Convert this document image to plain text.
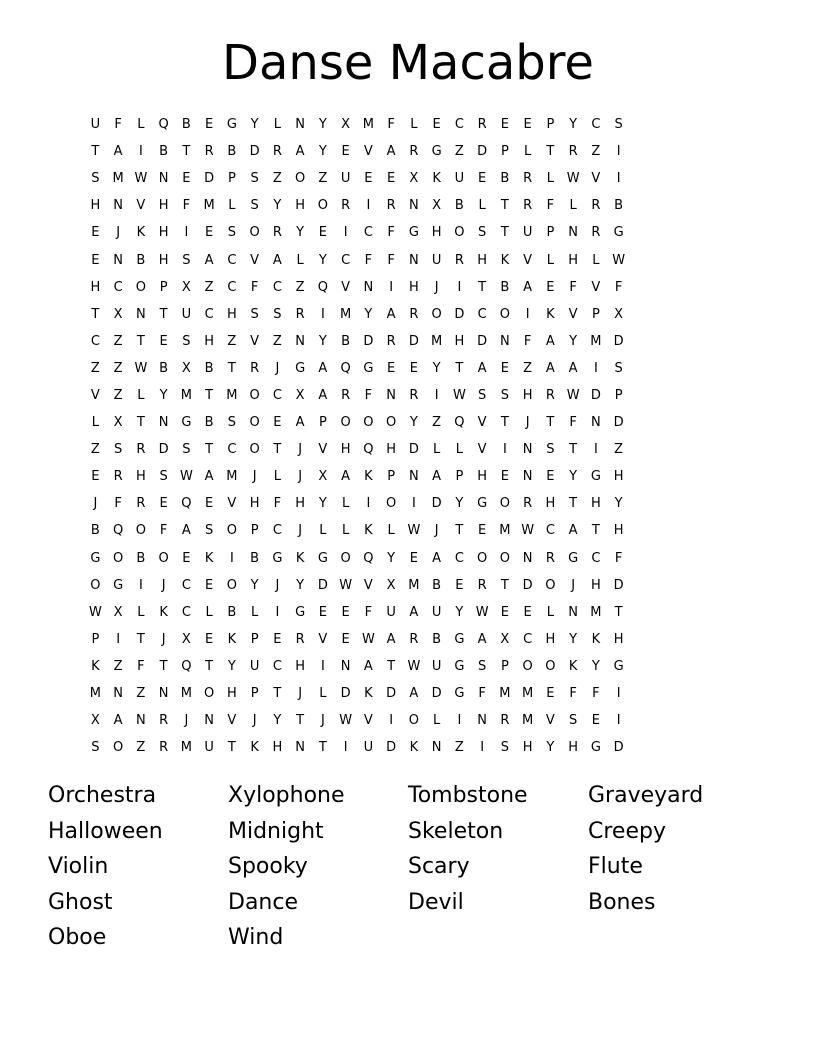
Danse Macabre
U	F	L	Q	B	E	G	Y	L	N	Y	X M	F	L	E	C	R	E	E	P	Y	C	S
T	A	I	B	T	R	B	D	R	A	Y	E	V	A	R	G	Z	D	P	L	T	R	Z	I
S	M W N	E	D	P	S	Z	O	Z	U	E	E	X	K	U	E	B	R	L W V	I
H N	V	H	F	M	L	S	Y	H O	R	I	R	N	X	B	L	T	R	F	L	R	B
E	J	K	H	I	E	S	O	R	Y	E	I	C	F	G H O	S	T	U	P	N	R	G
E	N	B	H	S	A	C	V	A	L	Y	C	F	F	N	U	R	H	K	V	L	H	L W
H	C	O	P	X	Z	C	F	C	Z	Q	V	N	I	H	J	I	T	B	A	E	F	V	F
T	X	N	T	U	C	H	S	S	R	I	M	Y	A	R	O D	C	O	I	K	V	P	X
C	Z	T	E	S	H	Z	V	Z	N	Y	B	D	R	D M H D N	F	A	Y	M D
Z	Z W B	X	B	T	R	J	G	A	Q G	E	E	Y	T	A	E	Z	A	A	I	S
V	Z	L	Y	M	T	M O	C	X	A	R	F	N	R	I	W S	S	H	R W D	P
L	X	T	N G	B	S	O	E	A	P	O O O	Y	Z	Q	V	T	J	T	F	N D
Z	S	R	D	S	T	C	O	T	J	V	H Q H D	L	L	V	I	N	S	T	I	Z
E	R	H	S W A M	J	L	J	X	A	K	P	N	A	P	H	E	N	E	Y	G H
J	F	R	E	Q	E	V	H	F	H	Y	L	I	O	I	D	Y	G O	R	H	T	H	Y
B	Q O	F	A	S	O	P	C	J	L	L	K	L W	J	T	E	M W C	A	T	H
G O	B	O	E	K	I	B	G	K	G O Q	Y	E	A	C	O O N	R	G	C	F
O G	I	J	C	E	O	Y	J	Y	D W V	X M B	E	R	T	D O	J	H D
W X	L	K	C	L	B	L	I	G	E	E	F	U	A	U	Y W E	E	L	N M	T
P	I	T	J	X	E	K	P	E	R	V	E W A	R	B	G	A	X	C	H	Y	K	H
K	Z	F	T	Q	T	Y	U	C	H	I	N	A	T W U G	S	P	O O	K	Y	G
M N	Z	N M O H	P	T	J	L	D	K	D	A	D G	F	M M	E	F	F	I
X	A	N	R	J	N	V	J	Y	T	J	W V	I	O	L	I	N	R M V	S	E	I
S	O	Z	R M U	T	K	H N	T	I	U D	K	N	Z	I	S	H	Y	H G D
Orchestra	Xylophone	Tombstone	Graveyard
Halloween	Midnight	Skeleton	Creepy
Violin	Spooky	Scary	Flute
Ghost	Dance	Devil	Bones
Oboe	Wind
